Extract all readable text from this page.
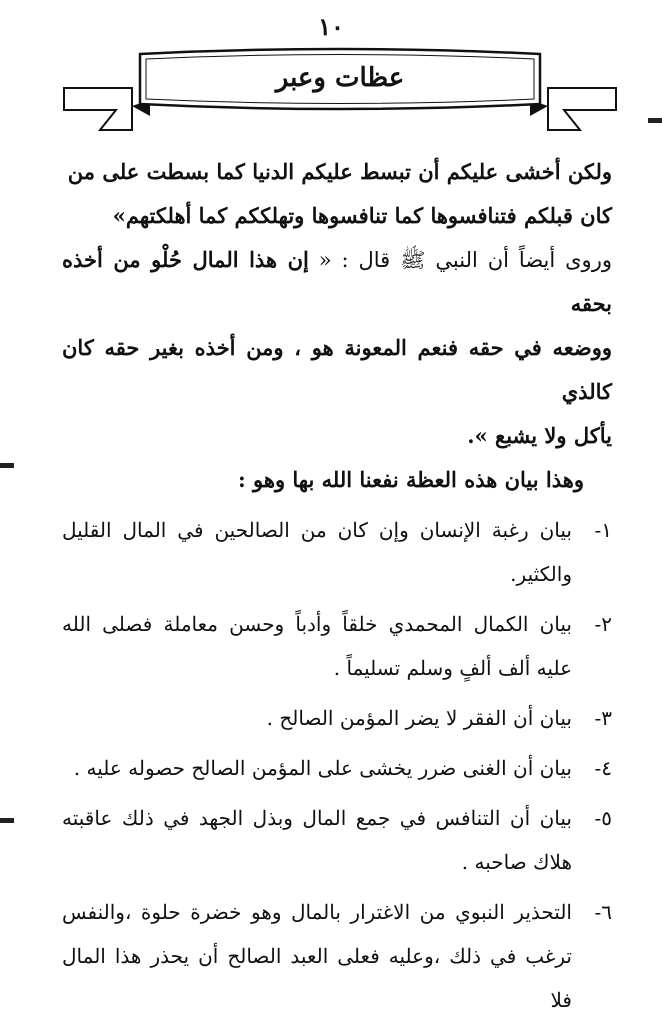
١٠
عظات وعبر

ولكن أخشى عليكم أن تبسط عليكم الدنيا كما بسطت على من

كان قبلكم فتنافسوها كما تنافسوها وتهلككم كما أهلكتهم»

وروى أيضاً أن النبي ﷺ قال : « إن هذا المال حُلْو من أخذه بحقه

ووضعه في حقه فنعم المعونة هو ، ومن أخذه بغير حقه كان كالذي

يأكل ولا يشبع ».

وهذا بيان هذه العظة نفعنا الله بها وهو :

١-
بيان رغبة الإنسان وإن كان من الصالحين في المال القليل والكثير.
٢-
بيان الكمال المحمدي خلقاً وأدباً وحسن معاملة فصلى الله عليه ألف ألفٍ وسلم تسليماً .
٣-
بيان أن الفقر لا يضر المؤمن الصالح .
٤-
بيان أن الغنى ضرر يخشى على المؤمن الصالح حصوله عليه .
٥-
بيان أن التنافس في جمع المال وبذل الجهد في ذلك عاقبته هلاك صاحبه .
٦-
التحذير النبوي من الاغترار بالمال وهو خضرة حلوة ،والنفس ترغب في ذلك ،وعليه فعلى العبد الصالح أن يحذر هذا المال فلا
